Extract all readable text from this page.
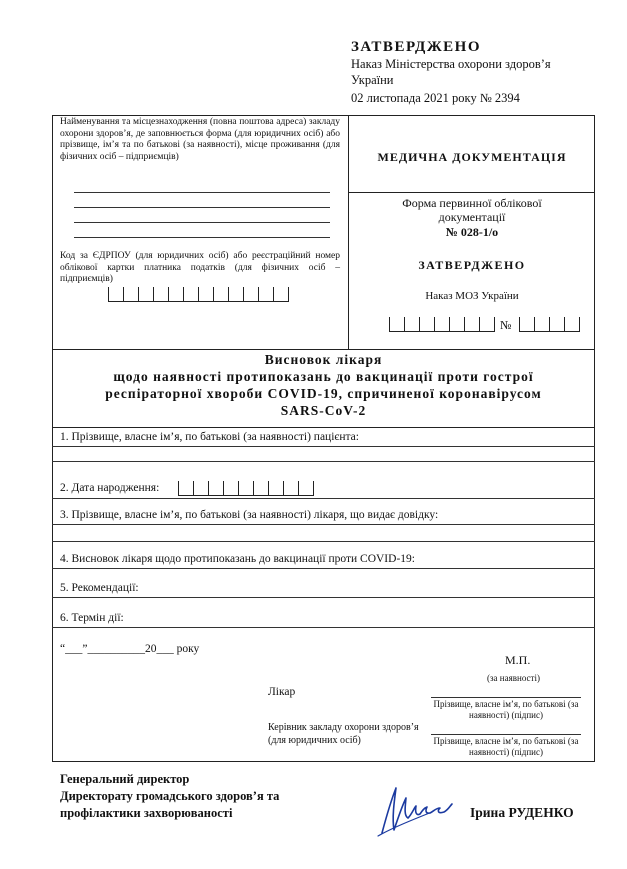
ЗАТВЕРДЖЕНО
Наказ Міністерства охорони здоров’я
України
02 листопада 2021 року № 2394
Найменування та місцезнаходження (повна поштова адреса) закладу охорони здоров’я, де заповнюється форма (для юридичних осіб) або прізвище, ім’я та по батькові (за наявності), місце проживання (для фізичних осіб – підприємців)
Код за ЄДРПОУ (для юридичних осіб) або реєстраційний номер облікової картки платника податків (для фізичних осіб – підприємців)
МЕДИЧНА ДОКУМЕНТАЦІЯ
Форма первинної облікової
документації
№ 028-1/о
ЗАТВЕРДЖЕНО
Наказ МОЗ України
№
Висновок лікаря
щодо наявності протипоказань до вакцинації проти гострої
респіраторної хвороби COVID-19, спричиненої коронавірусом
SARS-CoV-2
1. Прізвище, власне ім’я, по батькові (за наявності) пацієнта:
2. Дата народження:
3. Прізвище, власне ім’я, по батькові (за наявності) лікаря, що видає довідку:
4. Висновок лікаря щодо протипоказань до вакцинації проти COVID-19:
5. Рекомендації:
6. Термін дії:
“___”__________20___ року
М.П.
(за наявності)
Лікар
Прізвище, власне ім’я, по батькові (за наявності) (підпис)
Керівник закладу охорони здоров’я (для юридичних осіб)	Прізвище, власне ім’я, по батькові (за наявності) (підпис)
Генеральний директор
Директорату громадського здоров’я та
профілактики захворюваності	Ірина РУДЕНКО
